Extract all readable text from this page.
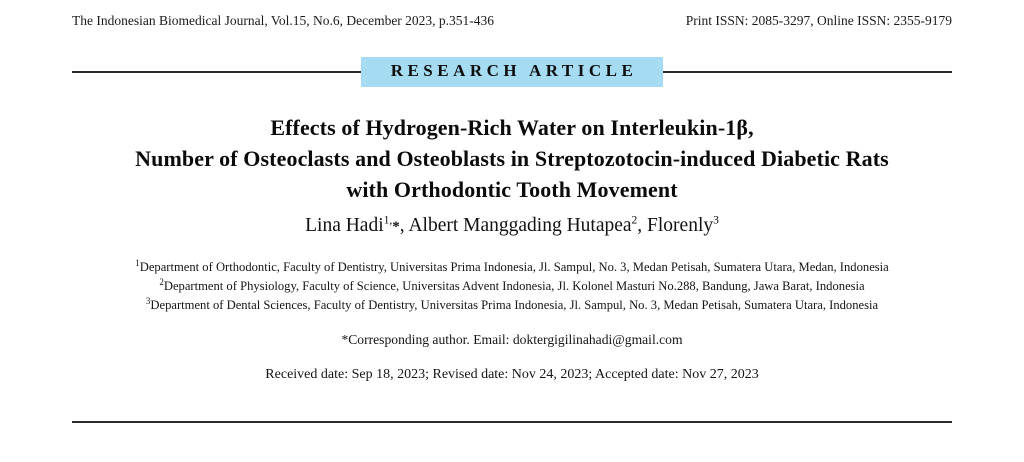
The Indonesian Biomedical Journal, Vol.15, No.6, December 2023, p.351-436	Print ISSN: 2085-3297, Online ISSN: 2355-9179
RESEARCH ARTICLE
Effects of Hydrogen-Rich Water on Interleukin-1β,
Number of Osteoclasts and Osteoblasts in Streptozotocin-induced Diabetic Rats
with Orthodontic Tooth Movement
Lina Hadi$^{1,}$*, Albert Manggading Hutapea$^2$, Florenly$^3$
$^1$Department of Orthodontic, Faculty of Dentistry, Universitas Prima Indonesia, Jl. Sampul, No. 3, Medan Petisah, Sumatera Utara, Medan, Indonesia
$^2$Department of Physiology, Faculty of Science, Universitas Advent Indonesia, Jl. Kolonel Masturi No.288, Bandung, Jawa Barat, Indonesia
$^3$Department of Dental Sciences, Faculty of Dentistry, Universitas Prima Indonesia, Jl. Sampul, No. 3, Medan Petisah, Sumatera Utara, Indonesia
*Corresponding author. Email: doktergigilinahadi@gmail.com
Received date: Sep 18, 2023; Revised date: Nov 24, 2023; Accepted date: Nov 27, 2023
